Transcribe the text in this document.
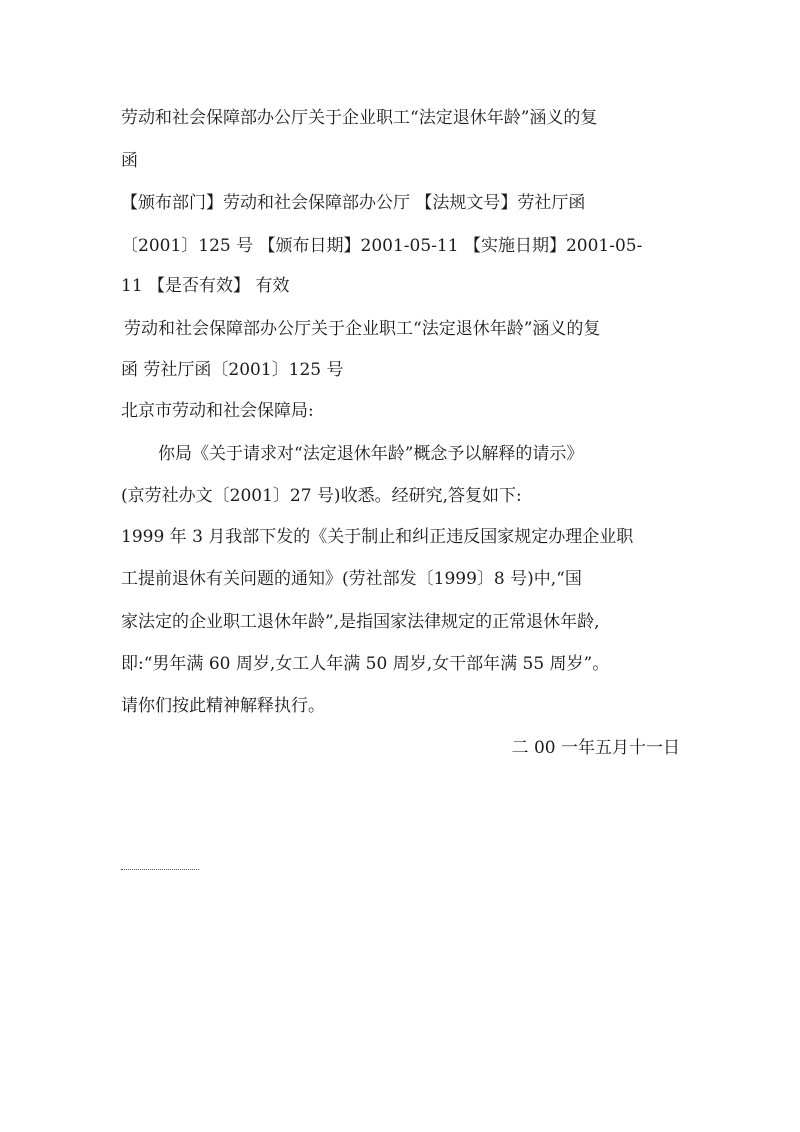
劳动和社会保障部办公厅关于企业职工“法定退休年龄”涵义的复

函

【颁布部门】劳动和社会保障部办公厅 【法规文号】劳社厅函

〔2001〕125 号 【颁布日期】2001-05-11 【实施日期】2001-05-

11 【是否有效】 有效

劳动和社会保障部办公厅关于企业职工“法定退休年龄”涵义的复

函 劳社厅函〔2001〕125 号

北京市劳动和社会保障局:

你局《关于请求对“法定退休年龄”概念予以解释的请示》

(京劳社办文〔2001〕27 号)收悉。经研究,答复如下:

1999 年 3 月我部下发的《关于制止和纠正违反国家规定办理企业职

工提前退休有关问题的通知》(劳社部发〔1999〕8 号)中,“国

家法定的企业职工退休年龄”,是指国家法律规定的正常退休年龄,

即:“男年满 60 周岁,女工人年满 50 周岁,女干部年满 55 周岁”。

请你们按此精神解释执行。

二 00 一年五月十一日
